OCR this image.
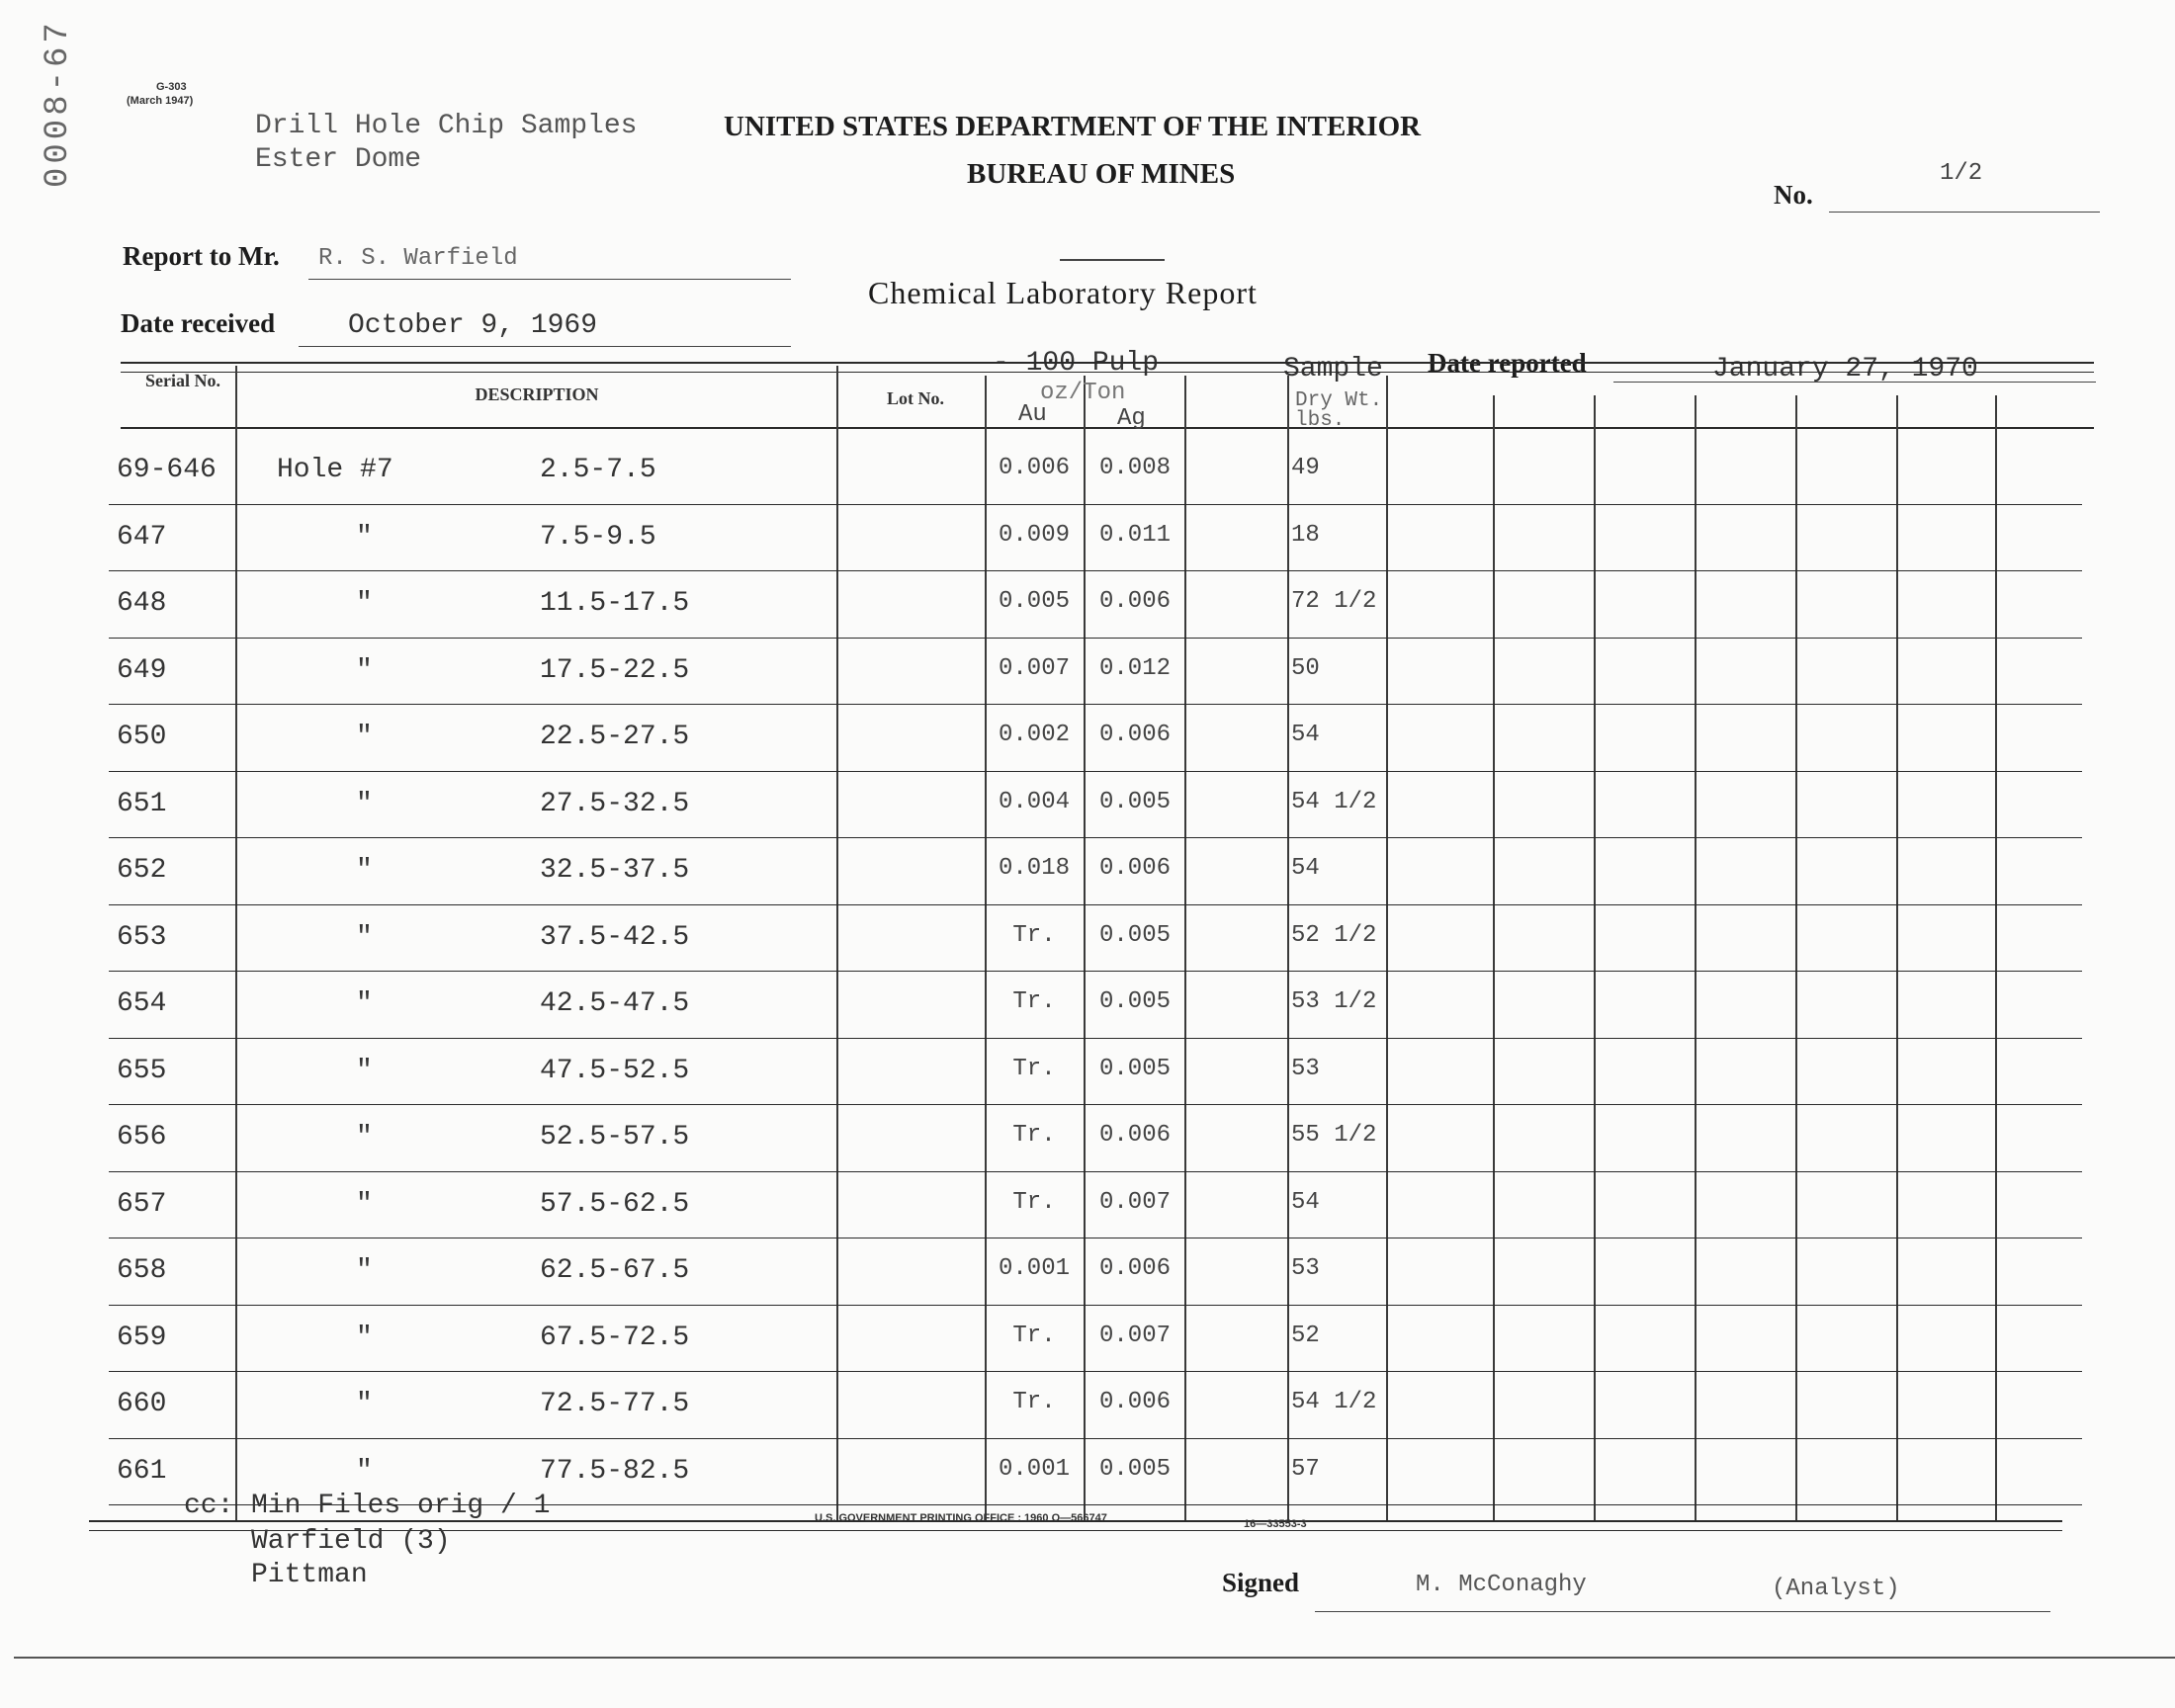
G-303
(March 1947)
0008-67	Drill Hole Chip Samples
Ester Dome
UNITED STATES DEPARTMENT OF THE INTERIOR
BUREAU OF MINES
Chemical Laboratory Report
No.
1/2
Report to Mr. R. S. Warfield
Date received	October 9, 1969
Date reported	January 27, 1970
- 100 Pulp	Sample
Serial No.
DESCRIPTION	Lot No.	oz/Ton
Au	Ag
Dry Wt. lbs.
69-646 Hole #7	2.5-7.5	0.006	0.008	49
647	"	7.5-9.5	0.009	0.011	18
648	"	11.5-17.5	0.005	0.006	72 1/2
649	"	17.5-22.5	0.007	0.012	50
650	"	22.5-27.5	0.002	0.006	54
651	"	27.5-32.5	0.004	0.005	54 1/2
652	"	32.5-37.5	0.018	0.006	54
653	"	37.5-42.5	Tr.	0.005	52 1/2
654	"	42.5-47.5	Tr.	0.005	53 1/2
655	"	47.5-52.5	Tr.	0.005	53
656	"	52.5-57.5	Tr.	0.006	55 1/2
657	"	57.5-62.5	Tr.	0.007	54
658	"	62.5-67.5	0.001	0.006	53
659	"	67.5-72.5	Tr.	0.007	52
660	"	72.5-77.5	Tr.	0.006	54 1/2
661	"	77.5-82.5	0.001	0.005	57
cc: Min Files orig / 1
Warfield (3)
Pittman
U.S. GOVERNMENT PRINTING OFFICE : 1960 O—566747	16—33553-3
Signed	M. McConaghy	(Analyst)
